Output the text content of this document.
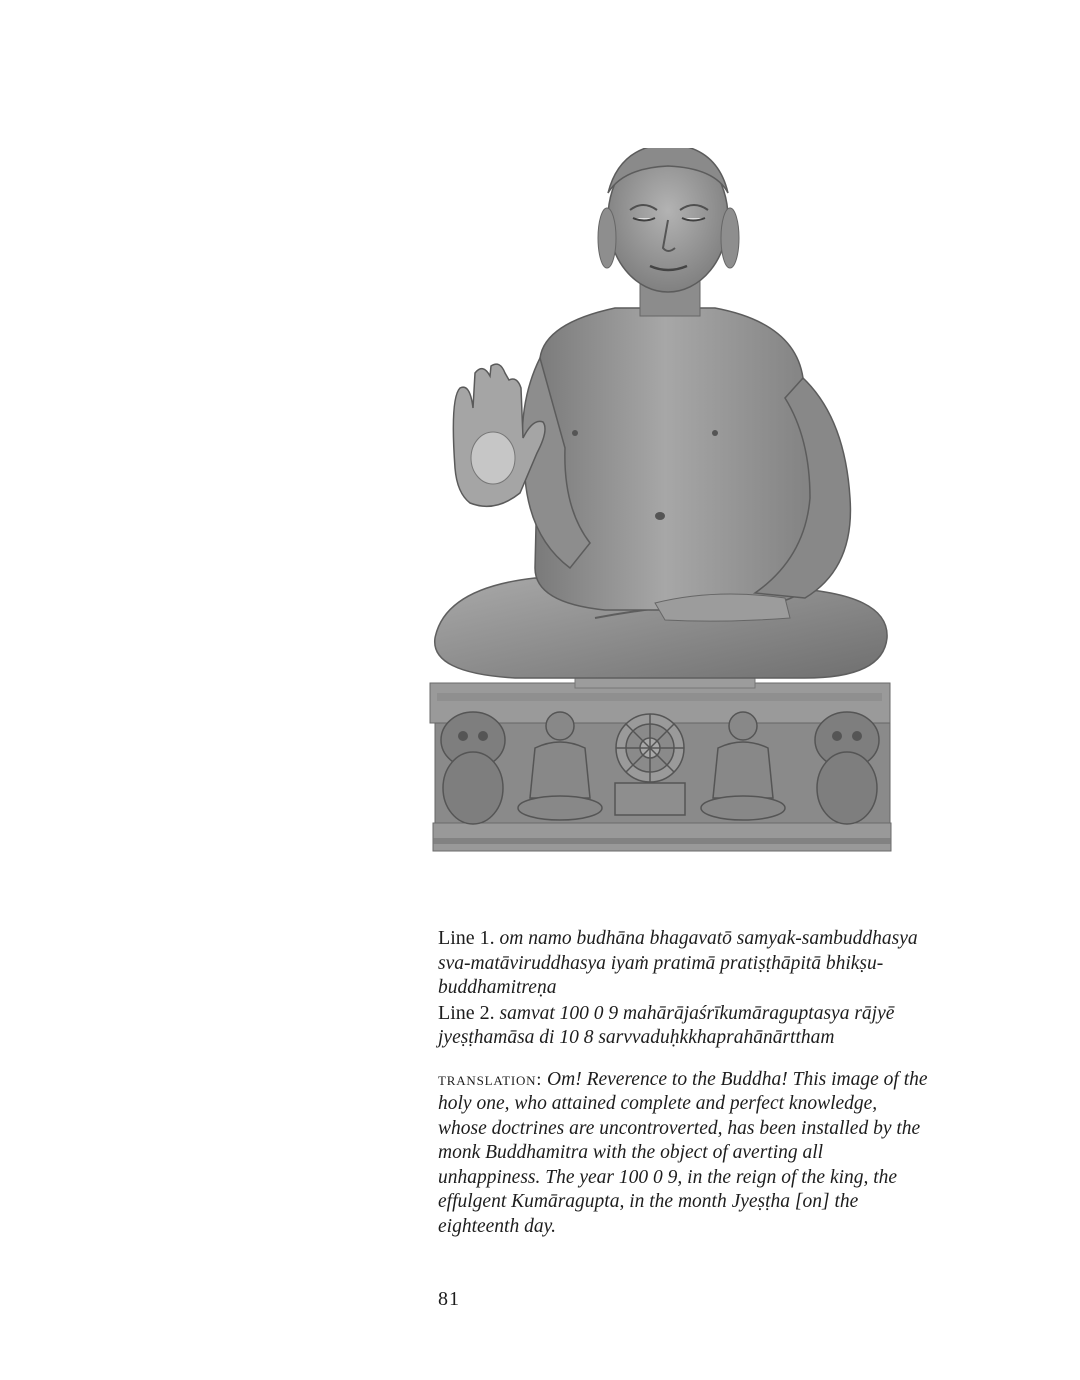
Line 1. om namo budhāna bhagavatō samyak-sambuddhasya sva-matāviruddhasya iyaṁ pratimā pratiṣṭhāpitā bhikṣu-buddhamitreṇa

Line 2. samvat 100 0 9 mahārājaśrīkumāraguptasya rājyē jyeṣṭhamāsa di 10 8 sarvvaduḥkkhaprahānārttham

translation: Om! Reverence to the Buddha! This image of the holy one, who attained complete and perfect knowledge, whose doctrines are uncontroverted, has been installed by the monk Buddhamitra with the object of averting all unhappiness. The year 100 0 9, in the reign of the king, the effulgent Kumāragupta, in the month Jyeṣṭha [on] the eighteenth day.

81
